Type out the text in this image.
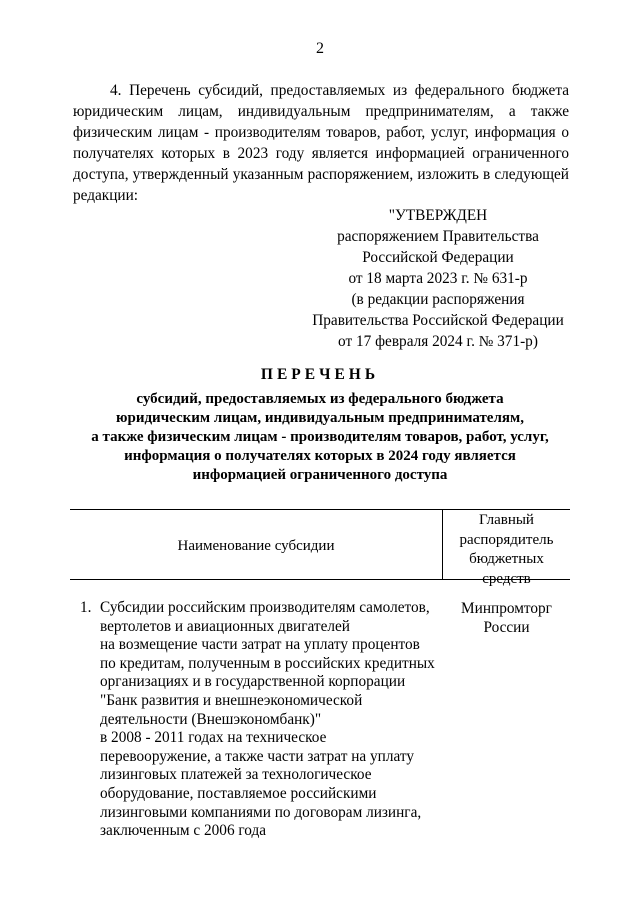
2

4. Перечень субсидий, предоставляемых из федерального бюджета юридическим лицам, индивидуальным предпринимателям, а также физическим лицам - производителям товаров, работ, услуг, информация о получателях которых в 2023 году является информацией ограниченного доступа, утвержденный указанным распоряжением, изложить в следующей редакции:

"УТВЕРЖДЕН
распоряжением Правительства
Российской Федерации
от 18 марта 2023 г. № 631-р
(в редакции распоряжения
Правительства Российской Федерации
от 17 февраля 2024 г. № 371-р)
ПЕРЕЧЕНЬ
субсидий, предоставляемых из федерального бюджета
юридическим лицам, индивидуальным предпринимателям,
а также физическим лицам - производителям товаров, работ, услуг,
информация о получателях которых в 2024 году является
информацией ограниченного доступа
Наименование субсидии
Главный
распорядитель
бюджетных
средств
1. Субсидии российским производителям самолетов,
вертолетов и авиационных двигателей
на возмещение части затрат на уплату процентов
по кредитам, полученным в российских кредитных
организациях и в государственной корпорации
"Банк развития и внешнеэкономической
деятельности (Внешэкономбанк)"
в 2008 - 2011 годах на техническое
перевооружение, а также части затрат на уплату
лизинговых платежей за технологическое
оборудование, поставляемое российскими
лизинговыми компаниями по договорам лизинга,
заключенным с 2006 года
Минпромторг
России
